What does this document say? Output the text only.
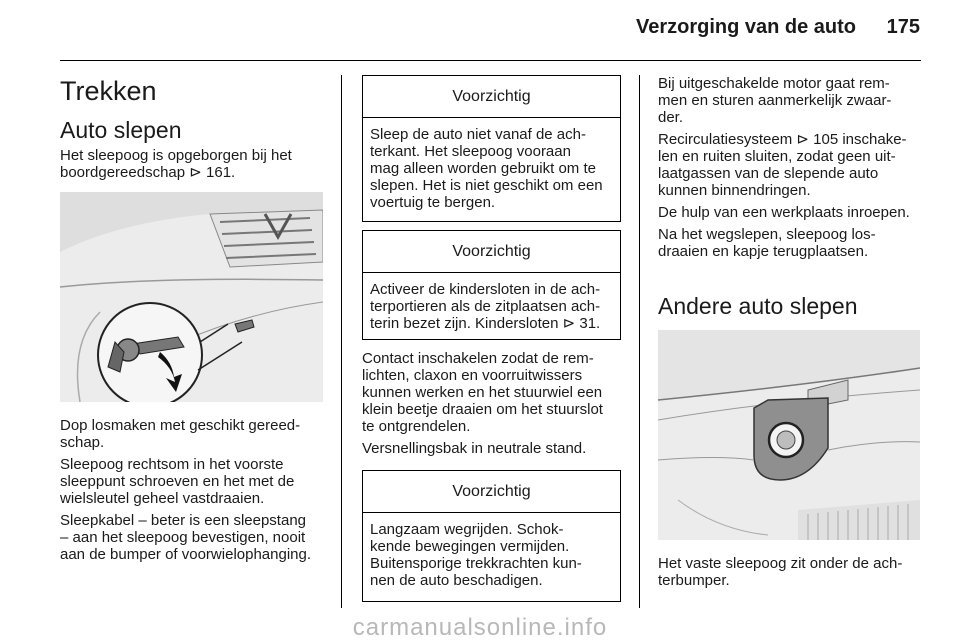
Verzorging van de auto 175
Trekken
Auto slepen

Het sleepoog is opgeborgen bij het
boordgereedschap ⊳ 161.

Dop losmaken met geschikt gereed-
schap.

Sleepoog rechtsom in het voorste
sleeppunt schroeven en het met de
wielsleutel geheel vastdraaien.

Sleepkabel – beter is een sleepstang
– aan het sleepoog bevestigen, nooit
aan de bumper of voorwielophanging.

Voorzichtig
Sleep de auto niet vanaf de ach-
terkant. Het sleepoog vooraan
mag alleen worden gebruikt om te
slepen. Het is niet geschikt om een
voertuig te bergen.
Voorzichtig
Activeer de kindersloten in de ach-
terportieren als de zitplaatsen ach-
terin bezet zijn. Kindersloten ⊳ 31.

Contact inschakelen zodat de rem-
lichten, claxon en voorruitwissers
kunnen werken en het stuurwiel een
klein beetje draaien om het stuurslot
te ontgrendelen.

Versnellingsbak in neutrale stand.

Voorzichtig
Langzaam wegrijden. Schok-
kende bewegingen vermijden.
Buitensporige trekkrachten kun-
nen de auto beschadigen.

Bij uitgeschakelde motor gaat rem-
men en sturen aanmerkelijk zwaar-
der.

Recirculatiesysteem ⊳ 105 inschake-
len en ruiten sluiten, zodat geen uit-
laatgassen van de slepende auto
kunnen binnendringen.

De hulp van een werkplaats inroepen.

Na het wegslepen, sleepoog los-
draaien en kapje terugplaatsen.

Andere auto slepen

Het vaste sleepoog zit onder de ach-
terbumper.

carmanualsonline.info
